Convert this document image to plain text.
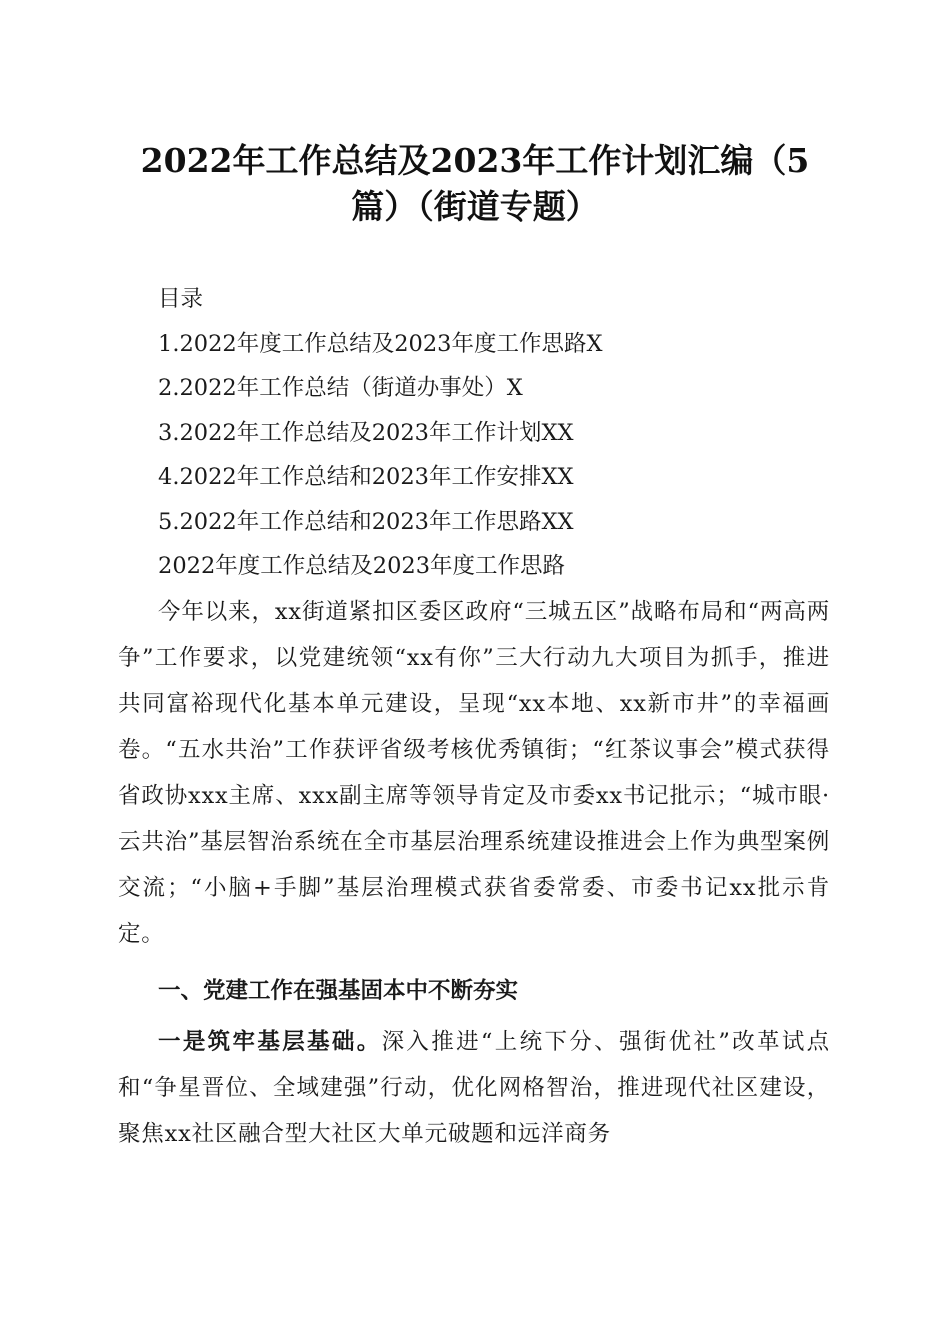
2022年工作总结及2023年工作计划汇编（5
篇）（街道专题）
目录
1.2022年度工作总结及2023年度工作思路X
2.2022年工作总结（街道办事处）X
3.2022年工作总结及2023年工作计划XX
4.2022年工作总结和2023年工作安排XX
5.2022年工作总结和2023年工作思路XX
2022年度工作总结及2023年度工作思路

今年以来，xx街道紧扣区委区政府“三城五区”战略布局和“两高两争”工作要求，以党建统领“xx有你”三大行动九大项目为抓手，推进共同富裕现代化基本单元建设，呈现“xx本地、xx新市井”的幸福画卷。“五水共治”工作获评省级考核优秀镇街；“红茶议事会”模式获得省政协xxx主席、xxx副主席等领导肯定及市委xx书记批示；“城市眼·云共治”基层智治系统在全市基层治理系统建设推进会上作为典型案例交流；“小脑+手脚”基层治理模式获省委常委、市委书记xx批示肯定。

一、党建工作在强基固本中不断夯实

一是筑牢基层基础。深入推进“上统下分、强街优社”改革试点和“争星晋位、全域建强”行动，优化网格智治，推进现代社区建设，聚焦xx社区融合型大社区大单元破题和远洋商务
